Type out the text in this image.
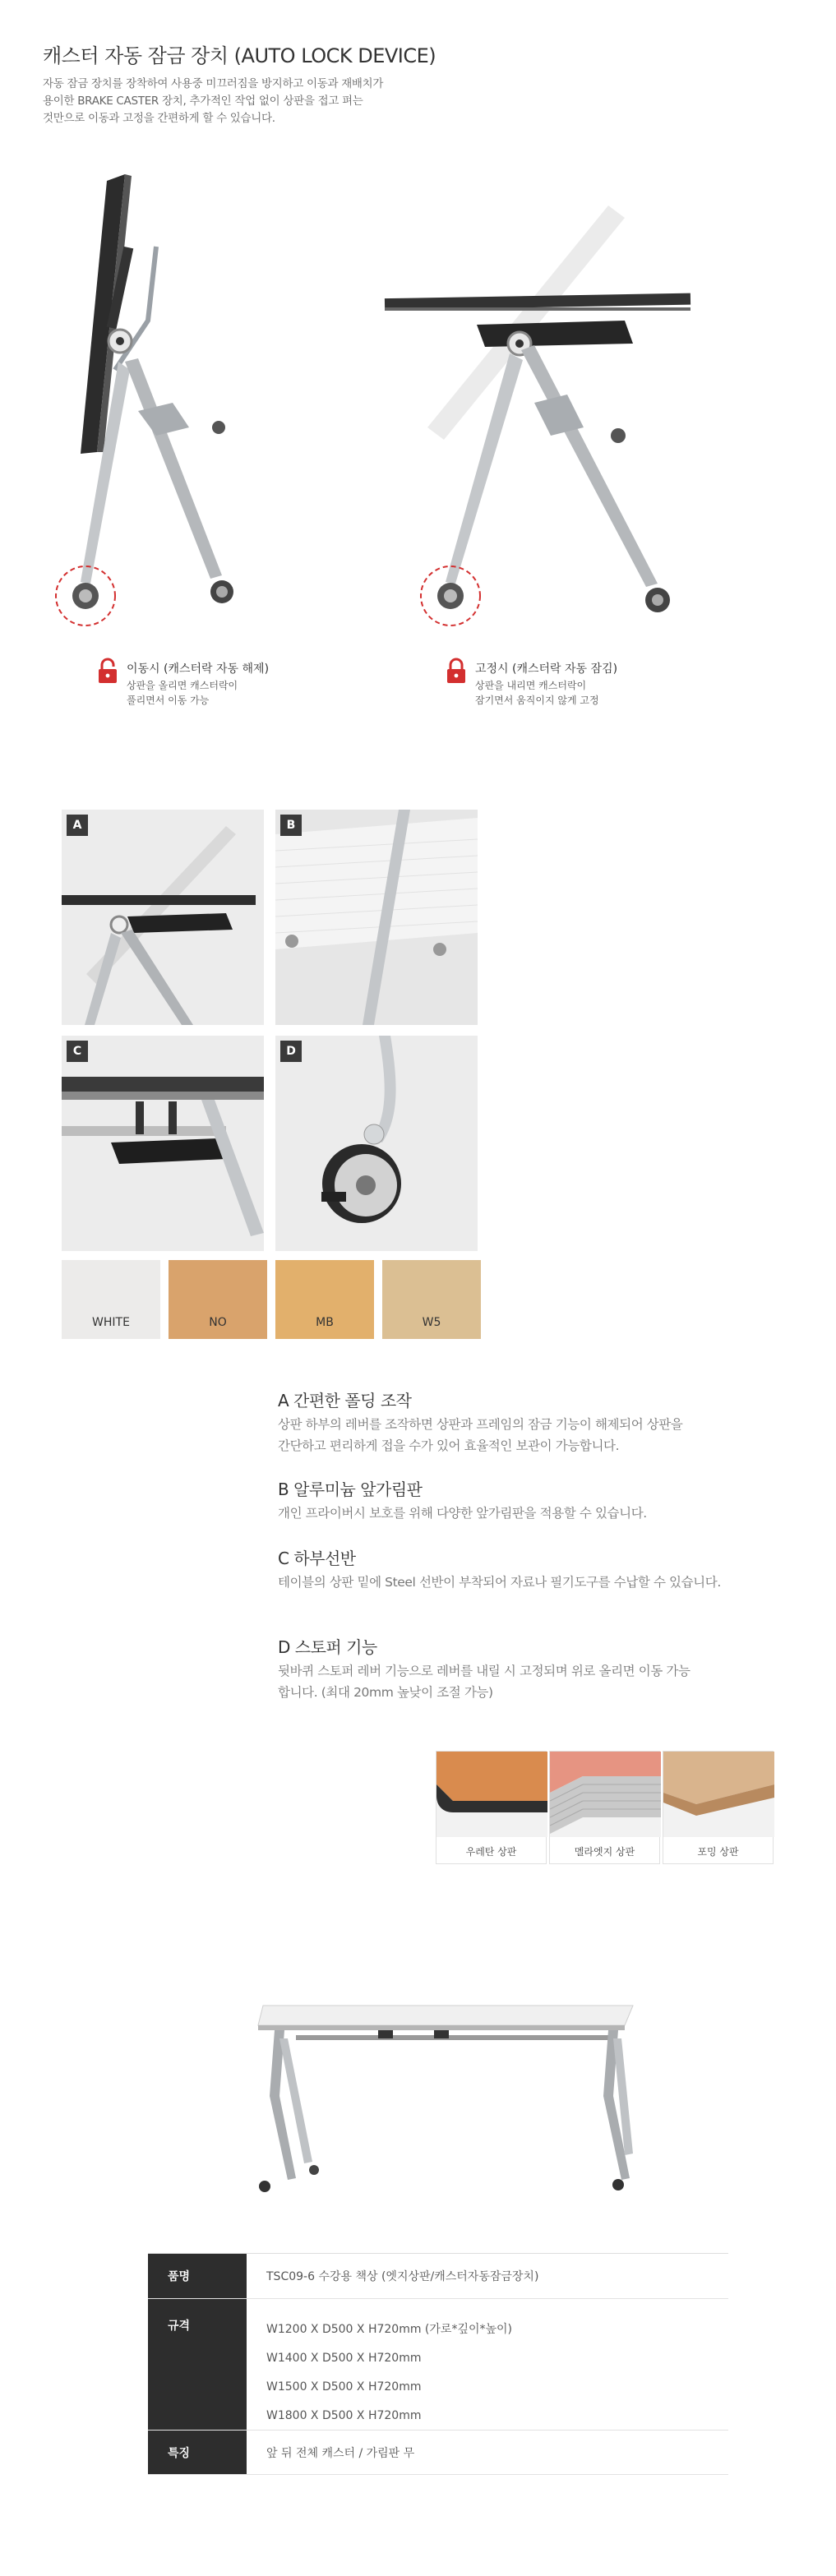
캐스터 자동 잠금 장치 (AUTO LOCK DEVICE)
자동 잠금 장치를 장착하여 사용중 미끄러짐을 방지하고 이동과 재배치가
용이한 BRAKE CASTER 장치, 추가적인 작업 없이 상판을 접고 펴는
것만으로 이동과 고정을 간편하게 할 수 있습니다.
이동시 (캐스터락 자동 해제)
상판을 올리면 캐스터락이
풀리면서 이동 가능
고정시 (캐스터락 자동 잠김)
상판을 내리면 캐스터락이
잠기면서 움직이지 않게 고정
A	B
C	D
WHITE	NO	MB	W5
A 간편한 폴딩 조작
상판 하부의 레버를 조작하면 상판과 프레임의 잠금 기능이 해제되어 상판을
간단하고 편리하게 접을 수가 있어 효율적인 보관이 가능합니다.
B 알루미늄 앞가림판
개인 프라이버시 보호를 위해 다양한 앞가림판을 적용할 수 있습니다.
C 하부선반
테이블의 상판 밑에 Steel 선반이 부착되어 자료나 필기도구를 수납할 수 있습니다.
D 스토퍼 기능
뒷바퀴 스토퍼 레버 기능으로 레버를 내릴 시 고정되며 위로 올리면 이동 가능
합니다. (최대 20mm 높낮이 조절 가능)
우레탄 상판	멜라엣지 상판	포밍 상판
품명	TSC09-6 수강용 책상 (엣지상판/캐스터자동잠금장치)
규격	W1200 X D500 X H720mm (가로*깊이*높이)
W1400 X D500 X H720mm
W1500 X D500 X H720mm
W1800 X D500 X H720mm
특징	앞 뒤 전체 캐스터 / 가림판 무
